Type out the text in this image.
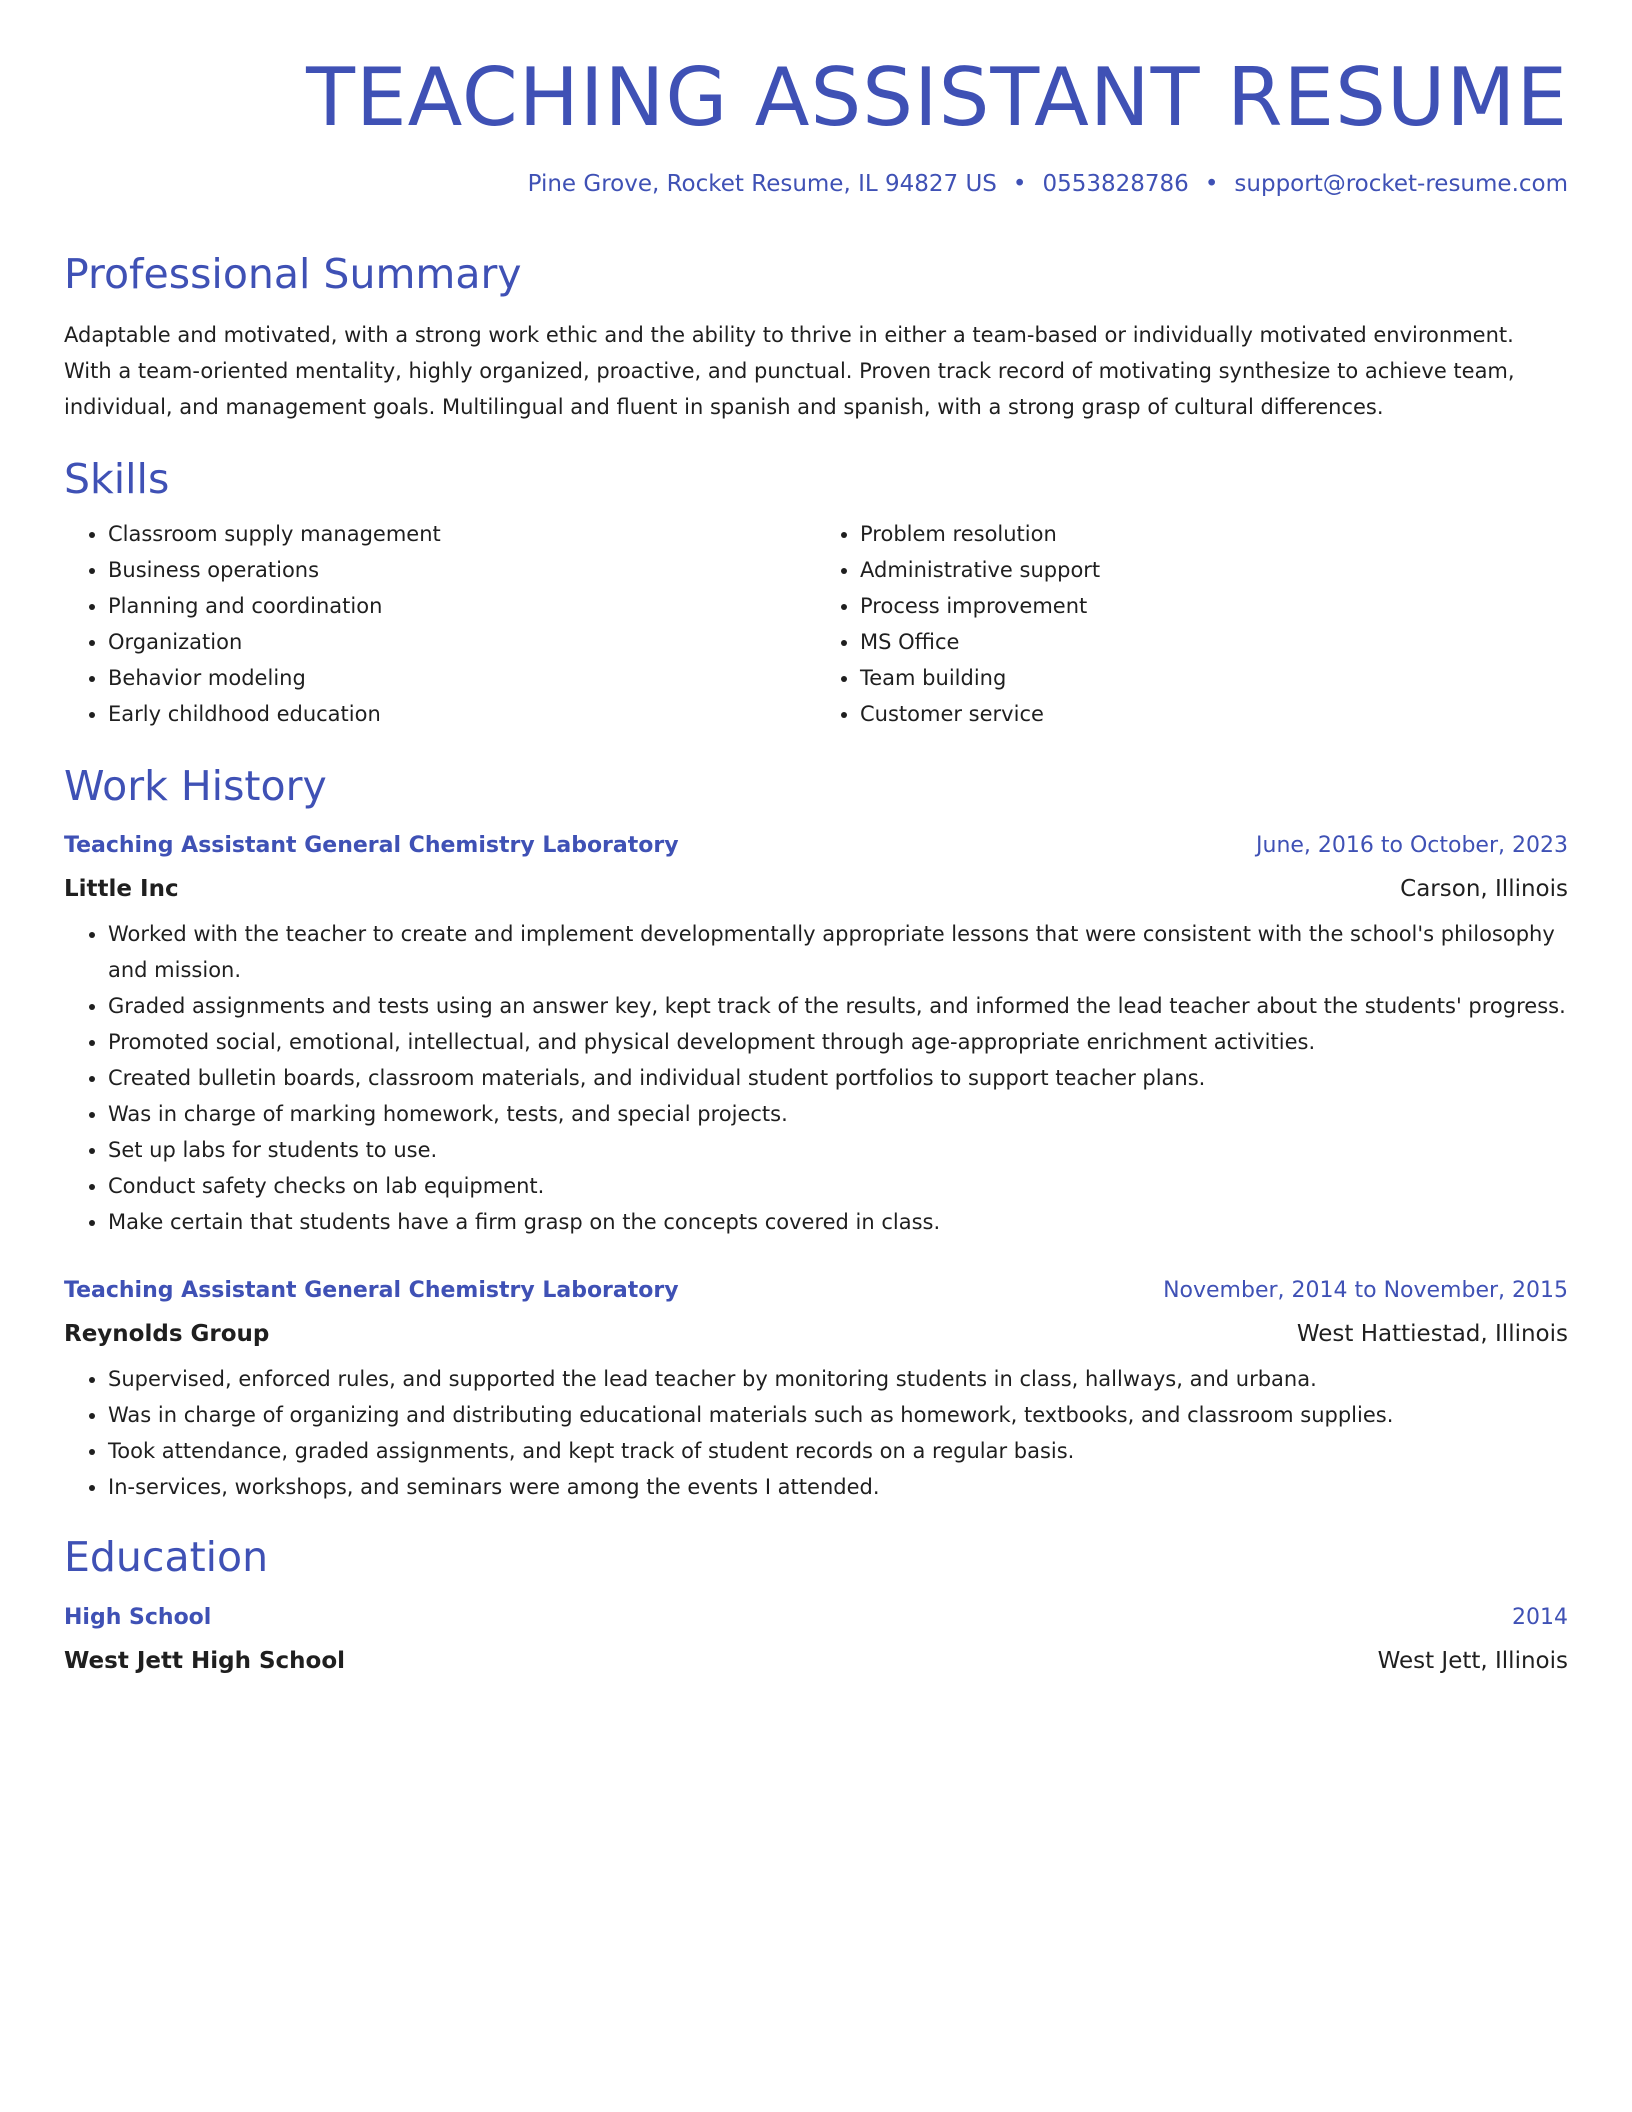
TEACHING ASSISTANT RESUME
Pine Grove, Rocket Resume, IL 94827 US • 0553828786 • support@rocket-resume.com
Professional Summary
Adaptable and motivated, with a strong work ethic and the ability to thrive in either a team-based or individually motivated environment. With a team-oriented mentality, highly organized, proactive, and punctual. Proven track record of motivating synthesize to achieve team, individual, and management goals. Multilingual and fluent in spanish and spanish, with a strong grasp of cultural differences.
Skills
• Classroom supply management
• Business operations
• Planning and coordination
• Organization
• Behavior modeling
• Early childhood education
• Problem resolution
• Administrative support
• Process improvement
• MS Office
• Team building
• Customer service
Work History
Teaching Assistant General Chemistry Laboratory	June, 2016 to October, 2023
Little Inc	Carson, Illinois
• Worked with the teacher to create and implement developmentally appropriate lessons that were consistent with the school's philosophy and mission.
• Graded assignments and tests using an answer key, kept track of the results, and informed the lead teacher about the students' progress.
• Promoted social, emotional, intellectual, and physical development through age-appropriate enrichment activities.
• Created bulletin boards, classroom materials, and individual student portfolios to support teacher plans.
• Was in charge of marking homework, tests, and special projects.
• Set up labs for students to use.
• Conduct safety checks on lab equipment.
• Make certain that students have a firm grasp on the concepts covered in class.
Teaching Assistant General Chemistry Laboratory	November, 2014 to November, 2015
Reynolds Group	West Hattiestad, Illinois
• Supervised, enforced rules, and supported the lead teacher by monitoring students in class, hallways, and urbana.
• Was in charge of organizing and distributing educational materials such as homework, textbooks, and classroom supplies.
• Took attendance, graded assignments, and kept track of student records on a regular basis.
• In-services, workshops, and seminars were among the events I attended.
Education
High School	2014
West Jett High School	West Jett, Illinois
